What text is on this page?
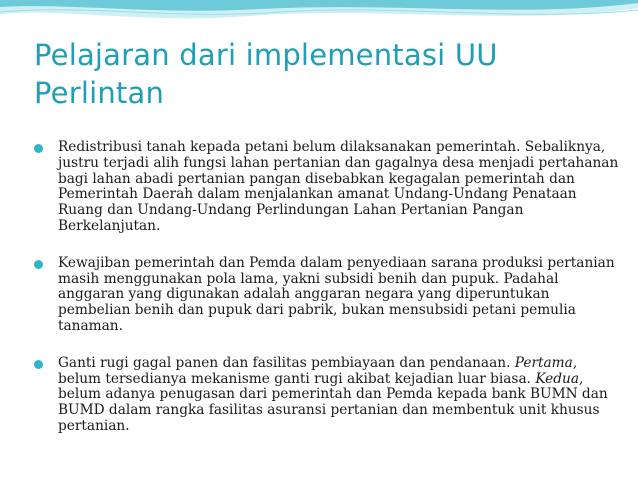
Pelajaran dari implementasi UU Perlintan
Redistribusi tanah kepada petani belum dilaksanakan pemerintah. Sebaliknya, justru terjadi alih fungsi lahan pertanian dan gagalnya desa menjadi pertahanan bagi lahan abadi pertanian pangan disebabkan kegagalan pemerintah dan Pemerintah Daerah dalam menjalankan amanat Undang-Undang Penataan Ruang dan Undang-Undang Perlindungan Lahan Pertanian Pangan Berkelanjutan.
Kewajiban pemerintah dan Pemda dalam penyediaan sarana produksi pertanian masih menggunakan pola lama, yakni subsidi benih dan pupuk. Padahal anggaran yang digunakan adalah anggaran negara yang diperuntukan pembelian benih dan pupuk dari pabrik, bukan mensubsidi petani pemulia tanaman.
Ganti rugi gagal panen dan fasilitas pembiayaan dan pendanaan. Pertama, belum tersedianya mekanisme ganti rugi akibat kejadian luar biasa. Kedua, belum adanya penugasan dari pemerintah dan Pemda kepada bank BUMN dan BUMD dalam rangka fasilitas asuransi pertanian dan membentuk unit khusus pertanian.
